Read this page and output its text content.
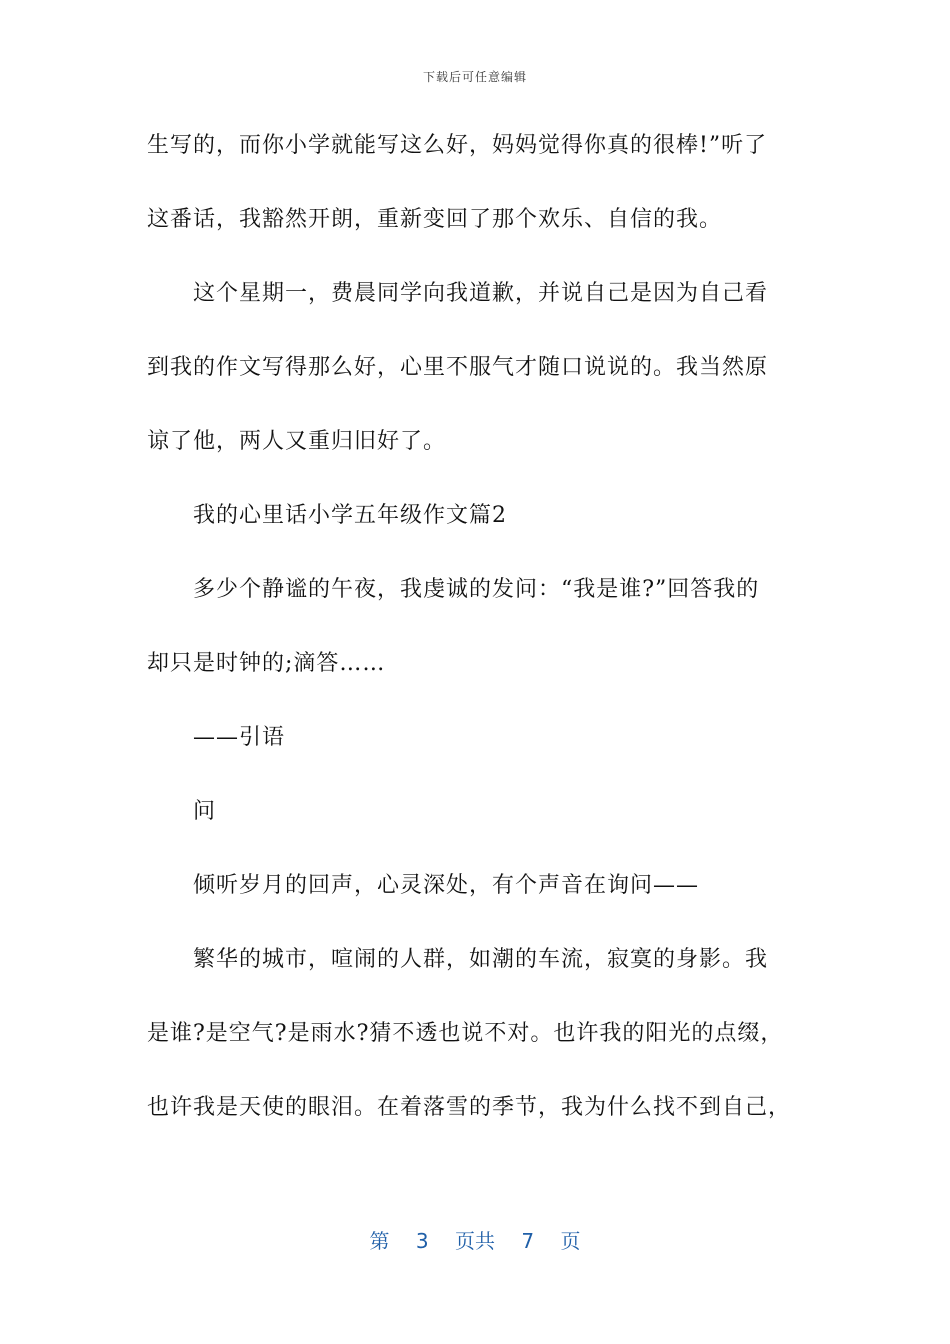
下载后可任意编辑
生写的，而你小学就能写这么好，妈妈觉得你真的很棒!”听了
这番话，我豁然开朗，重新变回了那个欢乐、自信的我。
这个星期一，费晨同学向我道歉，并说自己是因为自己看
到我的作文写得那么好，心里不服气才随口说说的。我当然原
谅了他，两人又重归旧好了。
我的心里话小学五年级作文篇2
多少个静谧的午夜，我虔诚的发问：“我是谁?”回答我的
却只是时钟的;滴答……
——引语
问
倾听岁月的回声，心灵深处，有个声音在询问——
繁华的城市，喧闹的人群，如潮的车流，寂寞的身影。我
是谁?是空气?是雨水?猜不透也说不对。也许我的阳光的点缀，
也许我是天使的眼泪。在着落雪的季节，我为什么找不到自己，
第 3 页共 7 页
